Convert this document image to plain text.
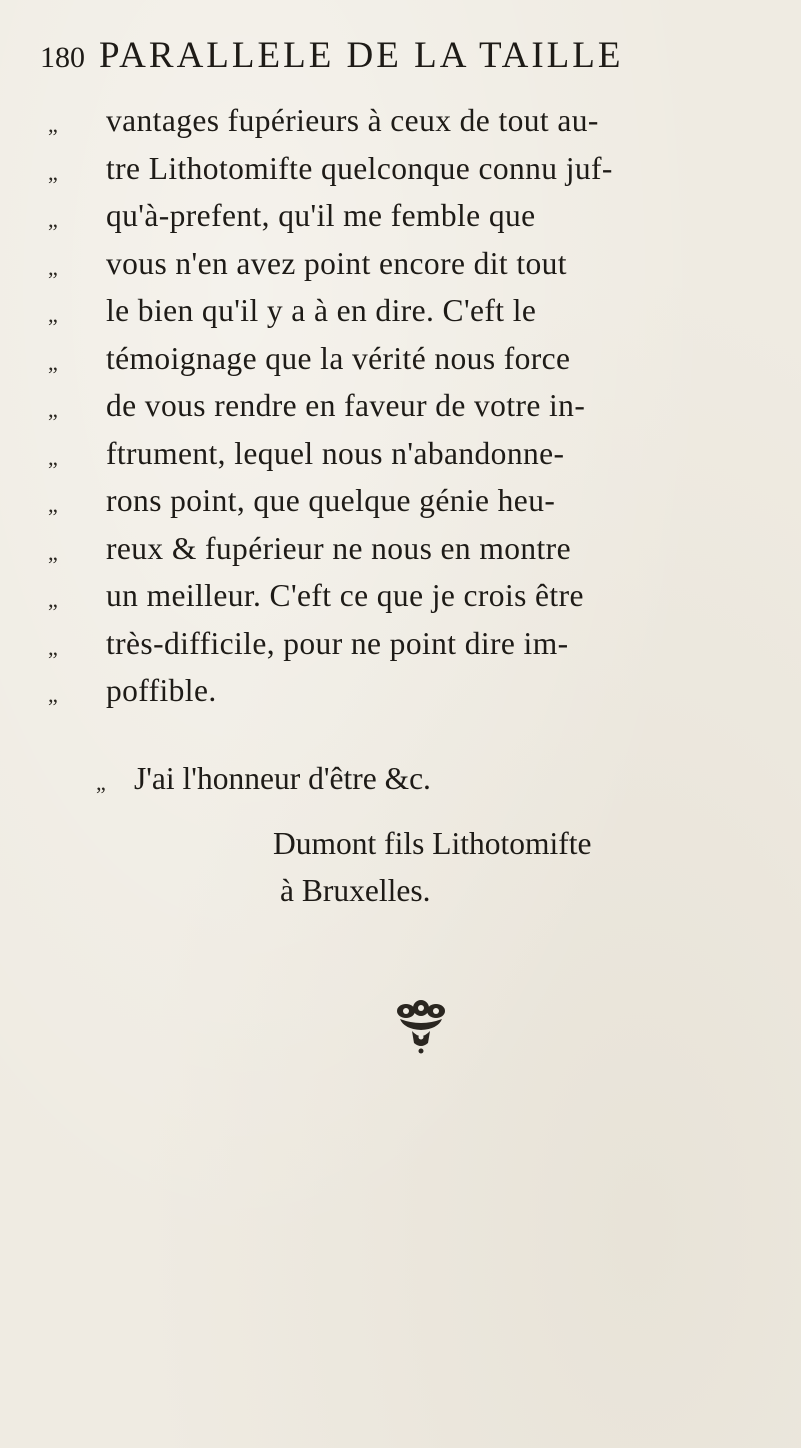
180 PARALLELE DE LA TAILLE
„ vantages fupérieurs à ceux de tout au-
„ tre Lithotomifte quelconque connu juf-
„ qu'à-prefent, qu'il me femble que
„ vous n'en avez point encore dit tout
„ le bien qu'il y a à en dire. C'eft le
„ témoignage que la vérité nous force
„ de vous rendre en faveur de votre in-
„ ftrument, lequel nous n'abandonne-
„ rons point, que quelque génie heu-
„ reux & fupérieur ne nous en montre
„ un meilleur. C'eft ce que je crois être
„ très-difficile, pour ne point dire im-
„ poffible.
„ J'ai l'honneur d'être &c.
Dumont fils Lithotomifte
à Bruxelles.
